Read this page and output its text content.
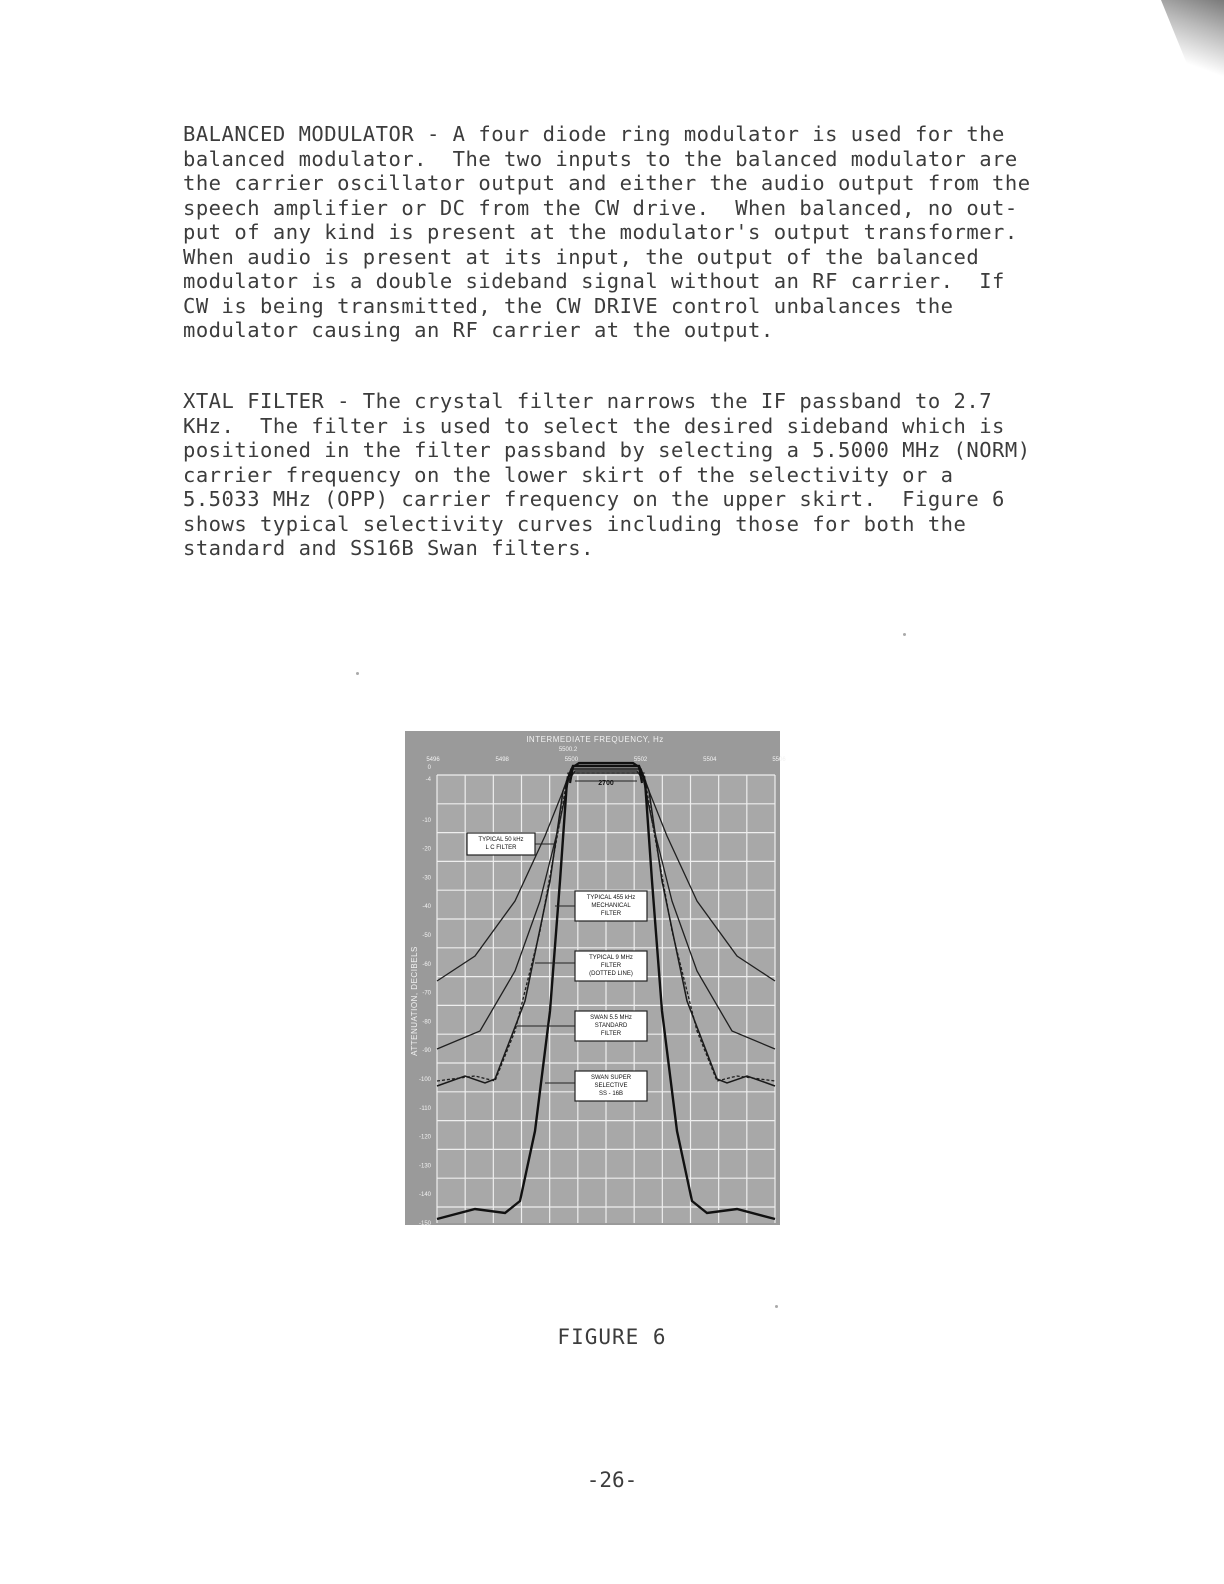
BALANCED MODULATOR - A four diode ring modulator is used for the
balanced modulator.  The two inputs to the balanced modulator are
the carrier oscillator output and either the audio output from the
speech amplifier or DC from the CW drive.  When balanced, no out-
put of any kind is present at the modulator's output transformer.
When audio is present at its input, the output of the balanced
modulator is a double sideband signal without an RF carrier.  If
CW is being transmitted, the CW DRIVE control unbalances the
modulator causing an RF carrier at the output.

XTAL FILTER - The crystal filter narrows the IF passband to 2.7
KHz.  The filter is used to select the desired sideband which is
positioned in the filter passband by selecting a 5.5000 MHz (NORM)
carrier frequency on the lower skirt of the selectivity or a
5.5033 MHz (OPP) carrier frequency on the upper skirt.  Figure 6
shows typical selectivity curves including those for both the
standard and SS16B Swan filters.

INTERMEDIATE FREQUENCY, Hz
5500.2
5496	5498	5500	5502	5504	5506
0
-4
-10
-20
-30
-40
-50
-60
-70
-80
-90
-100
-110
-120
-130
-140
-150
ATTENUATION, DECIBELS
2700
TYPICAL 50 kHz
L C FILTER
TYPICAL 455 kHz
MECHANICAL
FILTER
TYPICAL 9 MHz
FILTER
(DOTTED LINE)
SWAN 5.5 MHz
STANDARD
FILTER
SWAN SUPER
SELECTIVE
SS - 16B
FIGURE 6
-26-
